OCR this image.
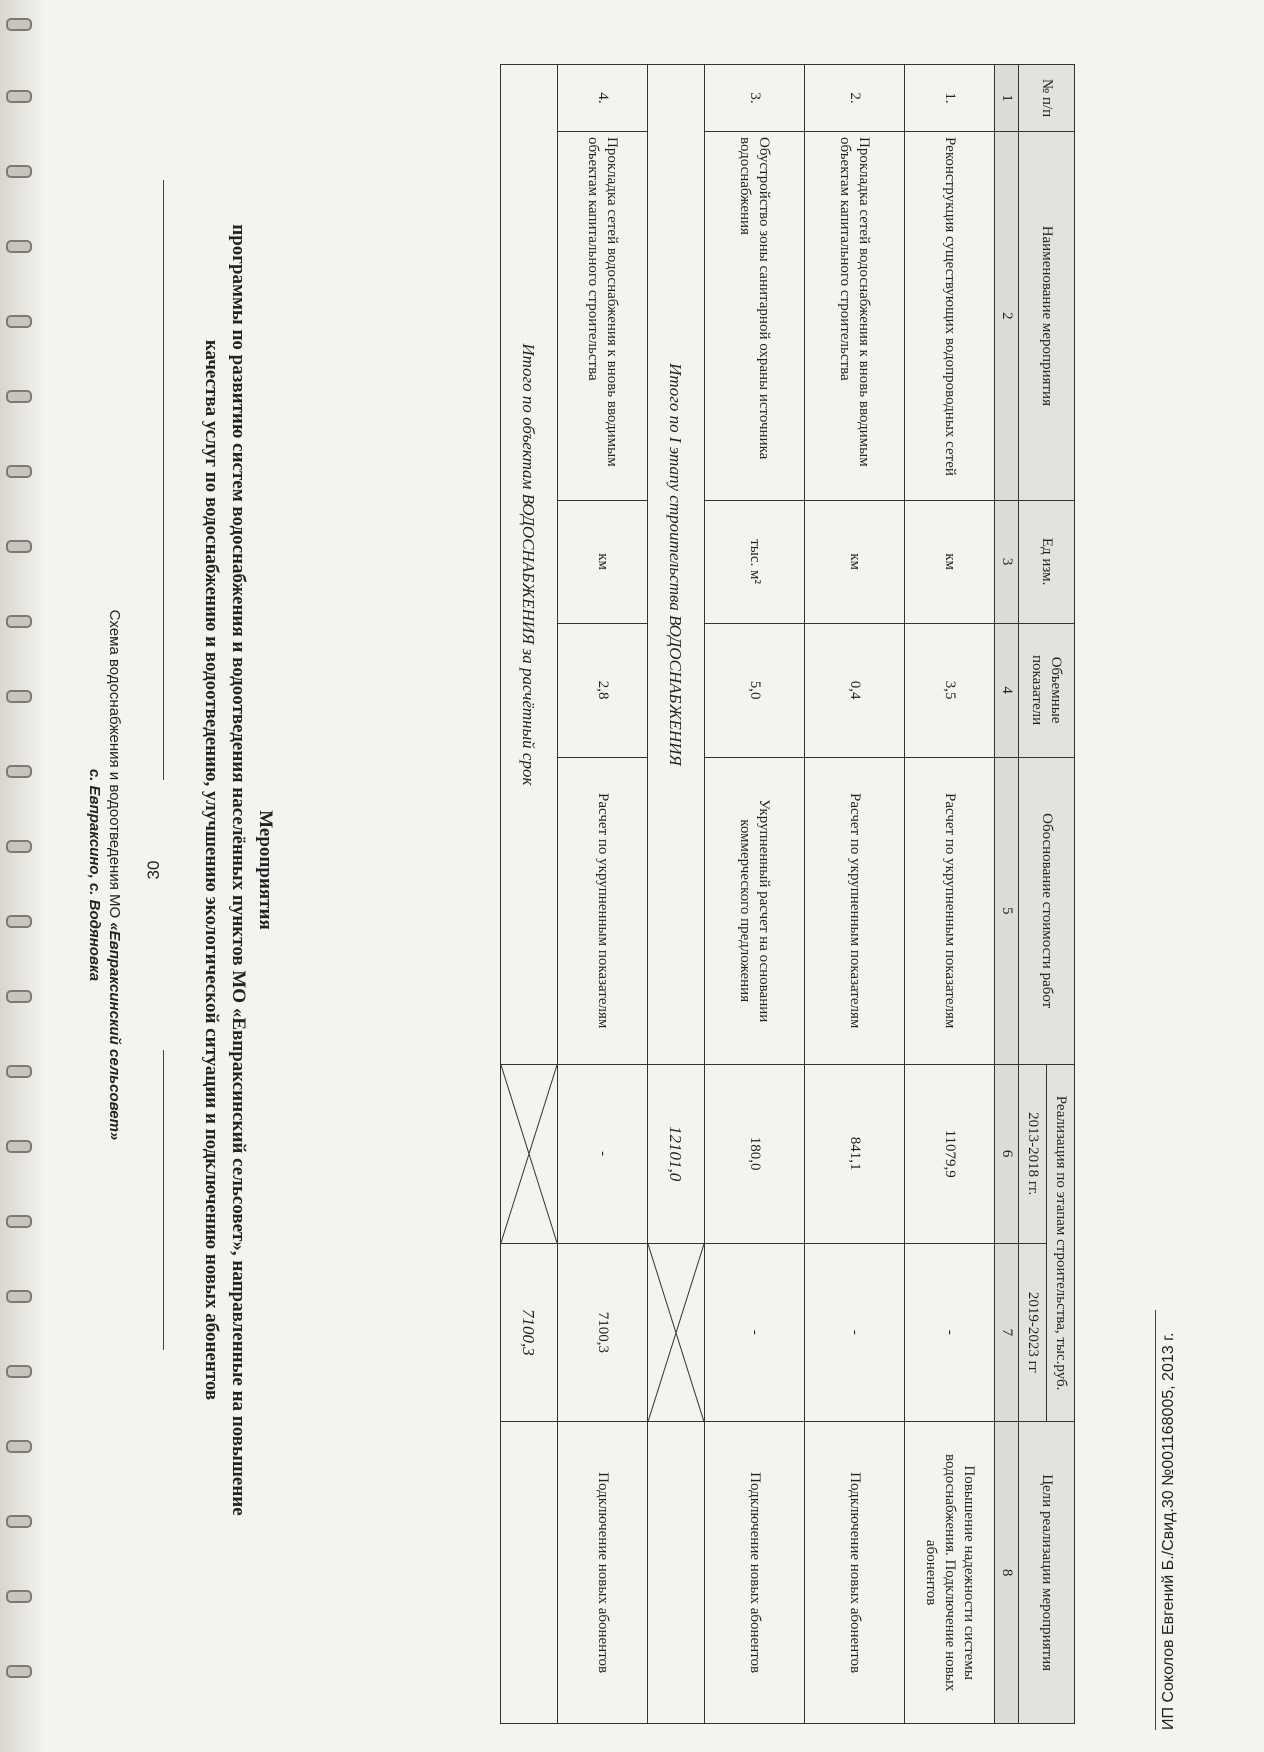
Схема водоснабжения и водоотведения МО «Евпраксинский сельсовет»
с. Евпраксино, с. Водяновка	Мероприятия
программы по развитию систем водоснабжения и водоотведения населённых пунктов МО «Евпраксинский сельсовет», направленные на повышение
качества услуг по водоснабжению и водоотведению, улучшению экологической ситуации и подключению новых абонентов
№ п/п	Наименование мероприятия	Ед изм.	Объемные показатели	Обоснование стоимости работ	Реализация по этапам строительства, тыс.руб.		Цели реализации мероприятия
					2013-2018 гг.	2019-2023 гг	
1	2	3	4	5	6	7	8
1.	Реконструкция существующих водопроводных сетей	км	3,5	Расчет по укрупненным показателям	11079,9	-	Повышение надежности системы водоснабжения. Подключение новых абонентов
2.	Прокладка сетей водоснабжения к вновь вводимым объектам капитального строительства	км	0,4	Расчет по укрупненным показателям	841,1	-	Подключение новых абонентов
3.	Обустройство зоны санитарной охраны источника водоснабжения	тыс. м²	5,0	Укрупненный расчет на основании коммерческого предложения	180,0	-	Подключение новых абонентов
Итого по I этапу строительства ВОДОСНАБЖЕНИЯ					12101,0	

4.	Прокладка сетей водоснабжения к вновь вводимым объектам капитального строительства	км	2,8	Расчет по укрупненным показателям	-	7100,3	Подключение новых абонентов
Итого по объектам ВОДОСНАБЖЕНИЯ за расчётный срок						7100,3	
30
ИП Соколов Евгений Б./Свид.30 №001168005, 2013 г.
